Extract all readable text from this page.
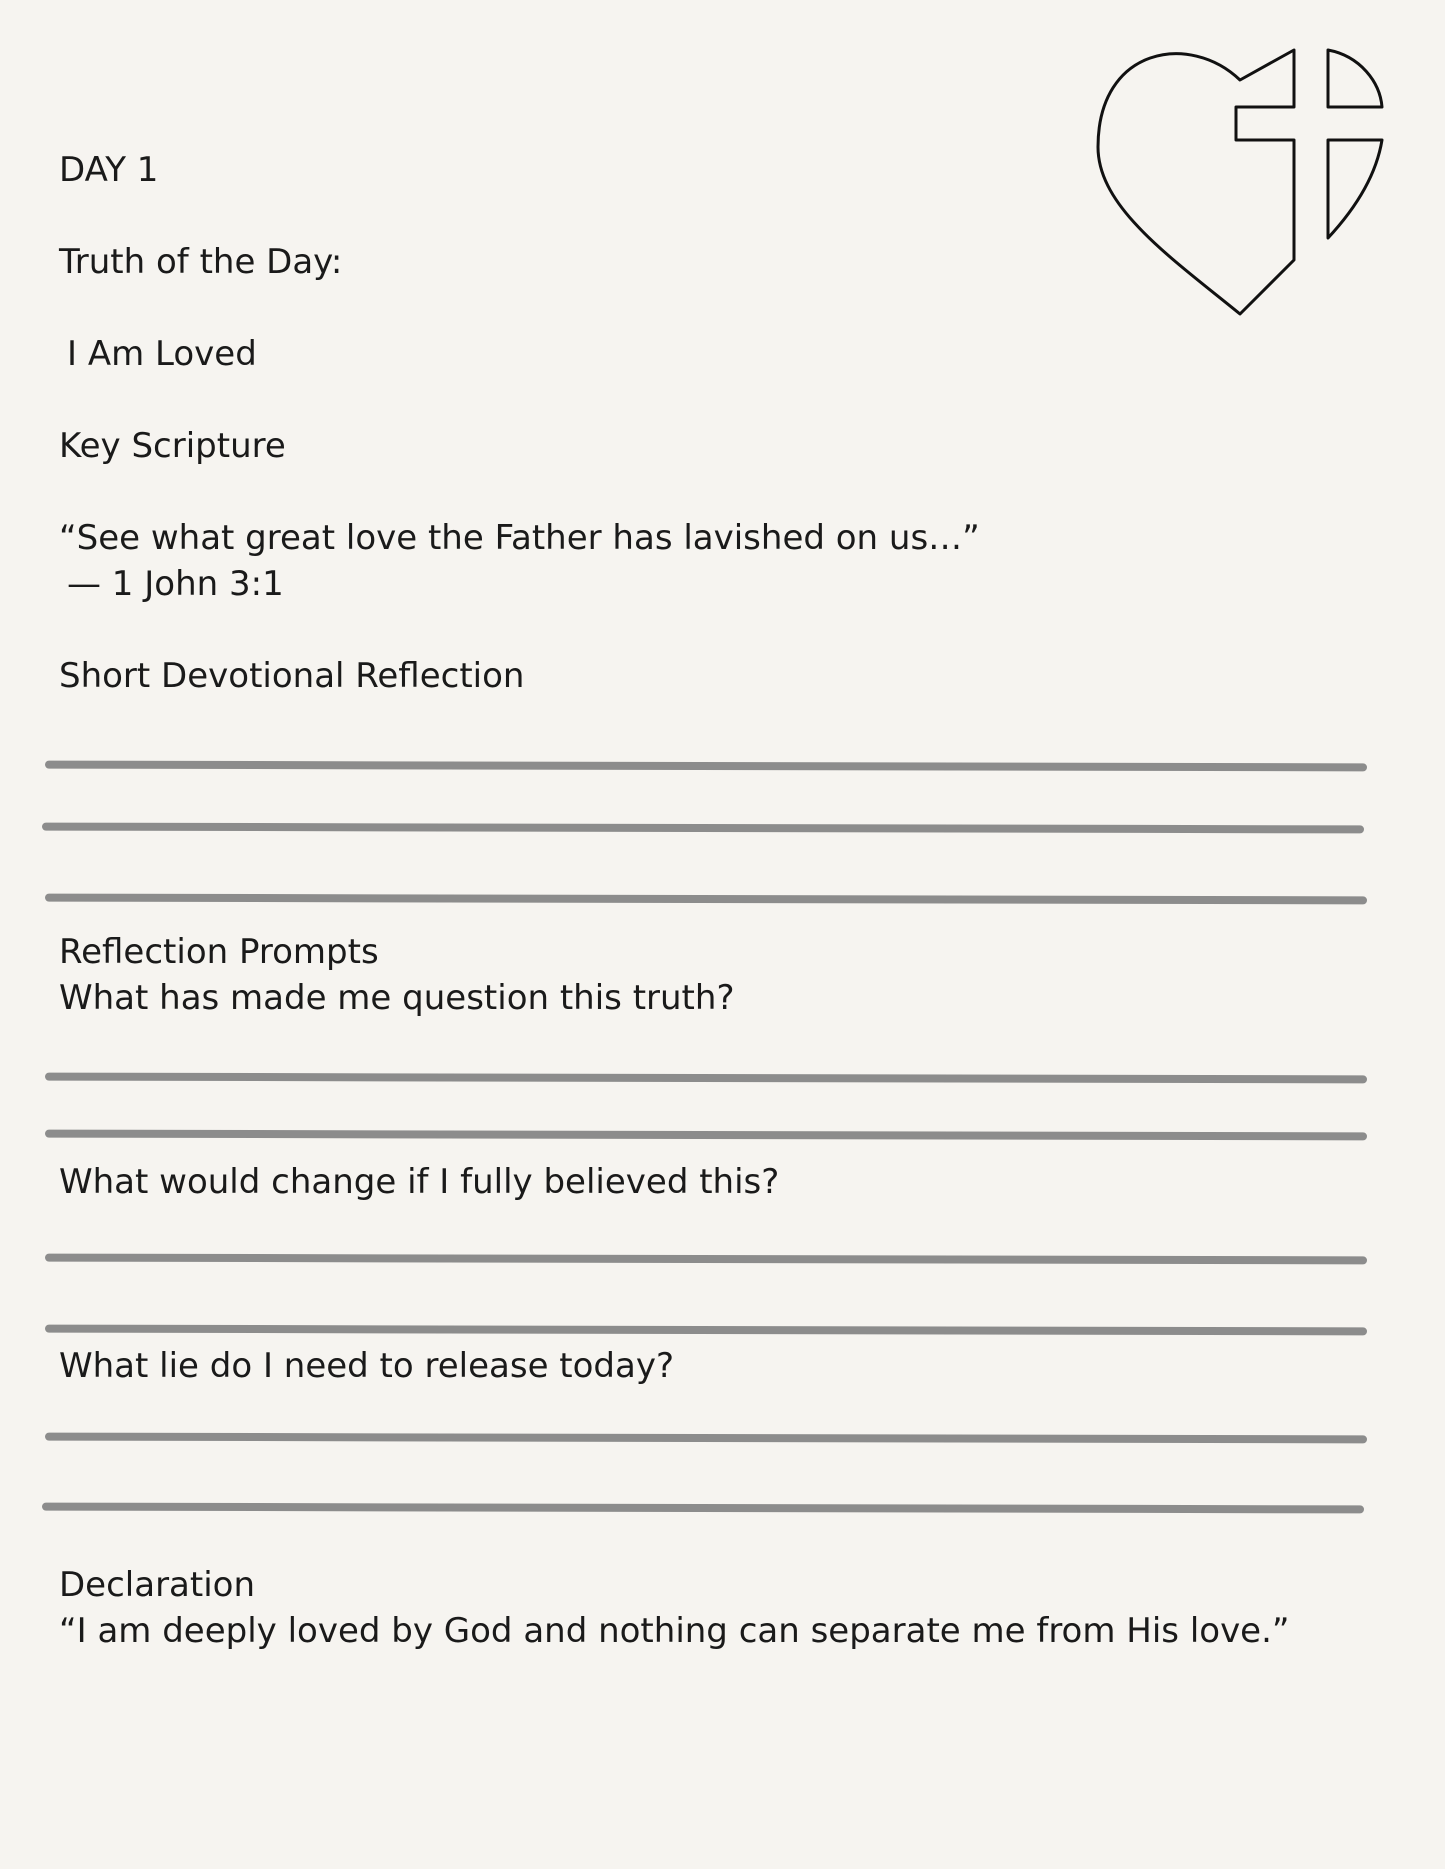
DAY 1
Truth of the Day:
I Am Loved
Key Scripture
“See what great love the Father has lavished on us…”
— 1 John 3:1
Short Devotional Reflection
Reflection Prompts
What has made me question this truth?
What would change if I fully believed this?
What lie do I need to release today?
Declaration
“I am deeply loved by God and nothing can separate me from His love.”
